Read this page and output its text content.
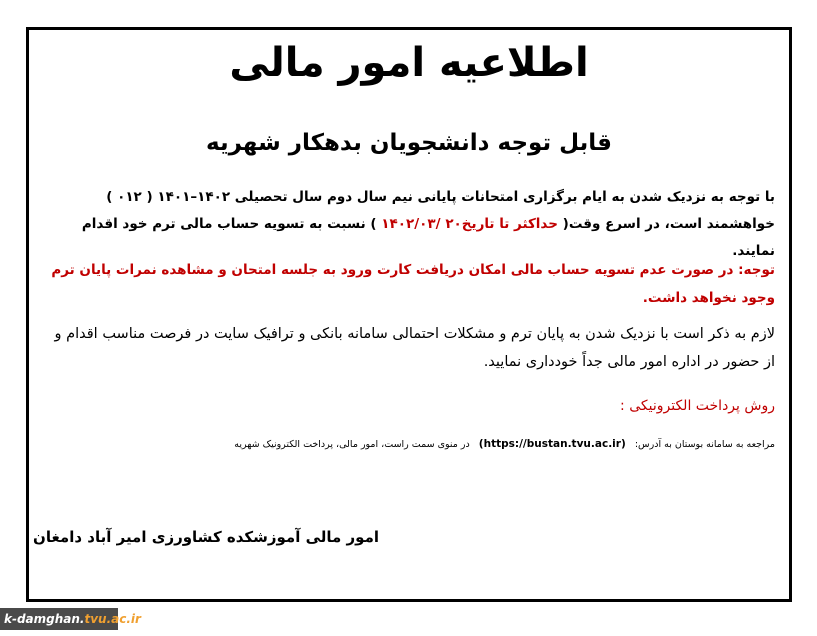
اطلاعیه امور مالی
قابل توجه دانشجویان بدهکار شهریه
با توجه به نزدیک شدن به ایام برگزاری امتحانات پایانی نیم سال دوم سال تحصیلی ۱۴۰۲–۱۴۰۱ ( ۰۱۲ ) خواهشمند است، در اسرع وقت( حداکثر تا تاریخ۲۰ /۱۴۰۲/۰۳ ) نسبت به تسویه حساب مالی ترم خود اقدام نمایند.
توجه: در صورت عدم تسویه حساب مالی امکان دریافت کارت ورود به جلسه امتحان و مشاهده نمرات پایان ترم وجود نخواهد داشت.
لازم به ذکر است با نزدیک شدن به پایان ترم و مشکلات احتمالی سامانه بانکی و ترافیک سایت در فرصت مناسب اقدام و از حضور در اداره امور مالی جداً خودداری نمایید.
روش پرداخت الکترونیکی :
مراجعه به سامانه بوستان به آدرس:   (https://bustan.tvu.ac.ir)   در منوی سمت راست، امور مالی، پرداخت الکترونیک شهریه
امور مالی آموزشکده کشاورزی امیر آباد دامغان
k-damghan.tvu.ac.ir
